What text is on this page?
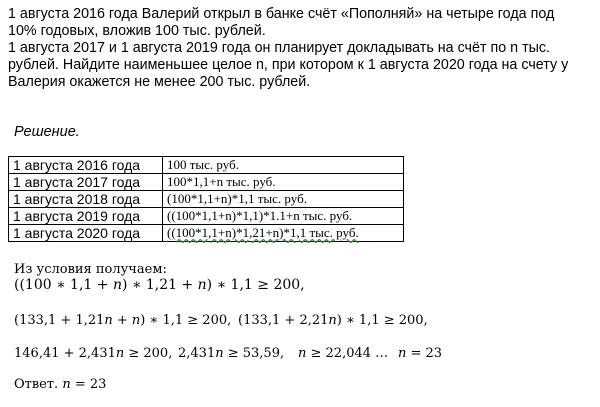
1 августа 2016 года Валерий открыл в банке счёт «Пополняй» на четыре года под

10% годовых, вложив 100 тыс. рублей.

1 августа 2017 и 1 августа 2019 года он планирует докладывать на счёт по n тыс.

рублей. Найдите наименьшее целое n, при котором к 1 августа 2020 года на счету у

Валерия окажется не менее 200 тыс. рублей.

Решение.
1 августа 2016 года	100 тыс. руб.
1 августа 2017 года	100*1,1+n тыс. руб.
1 августа 2018 года	(100*1,1+n)*1,1 тыс. руб.
1 августа 2019 года	((100*1,1+n)*1,1)*1.1+n тыс. руб.
1 августа 2020 года	((100*1,1+n)*1,21+n)*1,1 тыс. руб.
Из условия получаем:
((100 ∗ 1,1 + 𝑛) ∗ 1,21 + 𝑛) ∗ 1,1 ≥ 200,
(133,1 + 1,21𝑛 + 𝑛) ∗ 1,1 ≥ 200, (133,1 + 2,21𝑛) ∗ 1,1 ≥ 200,
146,41 + 2,431𝑛 ≥ 200, 2,431𝑛 ≥ 53,59, 𝑛 ≥ 22,044 … 𝑛 = 23
Ответ. 𝑛 = 23
